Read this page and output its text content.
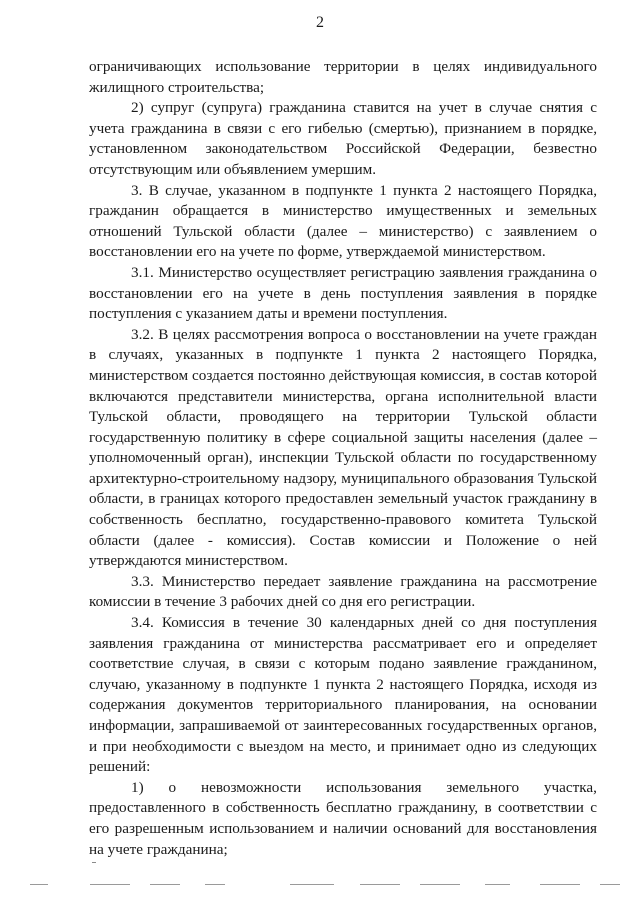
2

ограничивающих использование территории в целях индивидуального жилищного строительства;

2) супруг (супруга) гражданина ставится на учет в случае снятия с учета гражданина в связи с его гибелью (смертью), признанием в порядке, установленном законодательством Российской Федерации, безвестно отсутствующим или объявлением умершим.

3. В случае, указанном в подпункте 1 пункта 2 настоящего Порядка, гражданин обращается в министерство имущественных и земельных отношений Тульской области (далее – министерство) с заявлением о восстановлении его на учете по форме, утверждаемой министерством.

3.1. Министерство осуществляет регистрацию заявления гражданина о восстановлении его на учете в день поступления заявления в порядке поступления с указанием даты и времени поступления.

3.2. В целях рассмотрения вопроса о восстановлении на учете граждан в случаях, указанных в подпункте 1 пункта 2 настоящего Порядка, министерством создается постоянно действующая комиссия, в состав которой включаются представители министерства, органа исполнительной власти Тульской области, проводящего на территории Тульской области государственную политику в сфере социальной защиты населения (далее – уполномоченный орган), инспекции Тульской области по государственному архитектурно-строительному надзору, муниципального образования Тульской области, в границах которого предоставлен земельный участок гражданину в собственность бесплатно, государственно-правового комитета Тульской области (далее - комиссия). Состав комиссии и Положение о ней утверждаются министерством.

3.3. Министерство передает заявление гражданина на рассмотрение комиссии в течение 3 рабочих дней со дня его регистрации.

3.4. Комиссия в течение 30 календарных дней со дня поступления заявления гражданина от министерства рассматривает его и определяет соответствие случая, в связи с которым подано заявление гражданином, случаю, указанному в подпункте 1 пункта 2 настоящего Порядка, исходя из содержания документов территориального планирования, на основании информации, запрашиваемой от заинтересованных государственных органов, и при необходимости с выездом на место, и принимает одно из следующих решений:

1) о невозможности использования земельного участка,

предоставленного в собственность бесплатно гражданину, в соответствии с его разрешенным использованием и наличии оснований для восстановления на учете гражданина;
